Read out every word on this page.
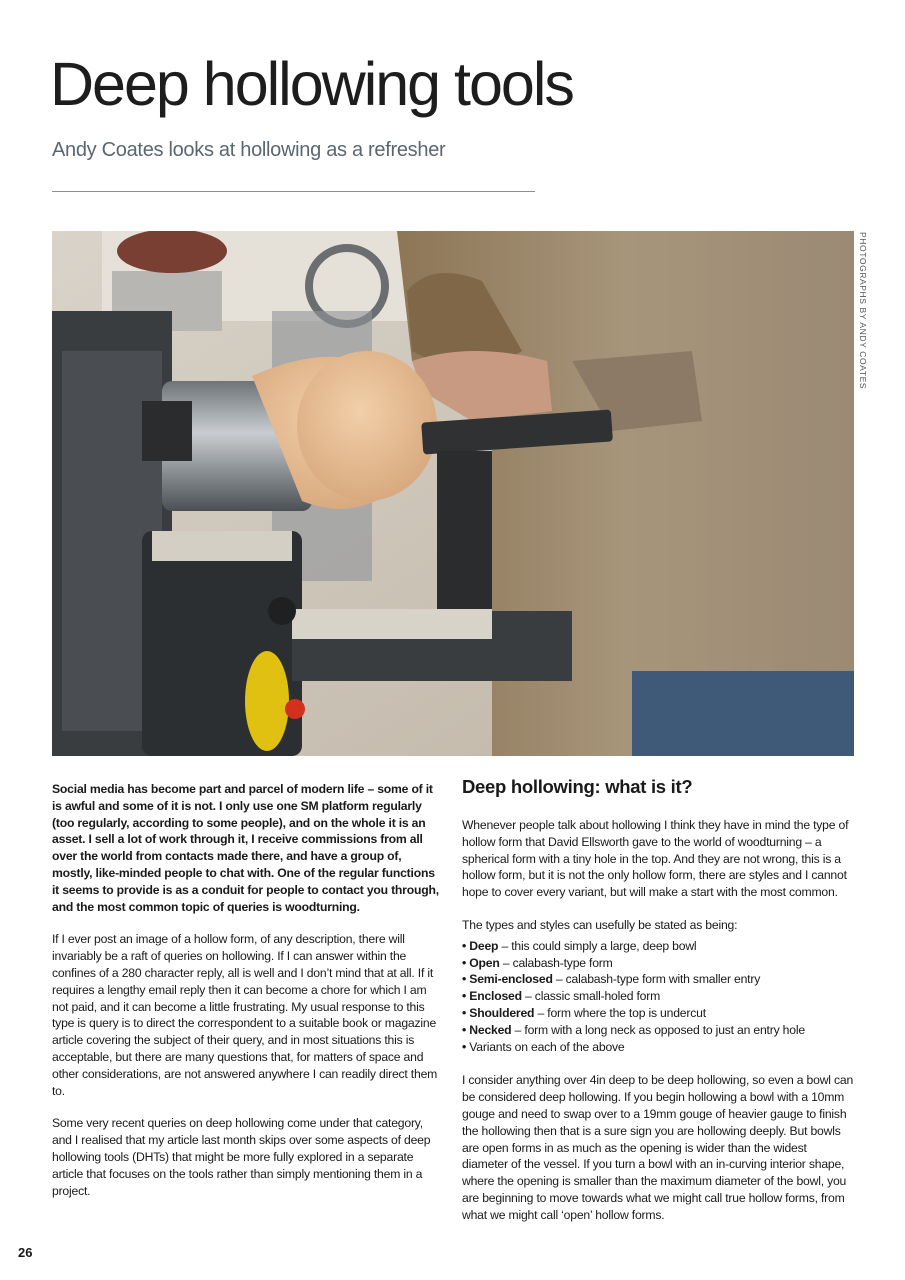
Deep hollowing tools

Andy Coates looks at hollowing as a refresher

PHOTOGRAPHS BY ANDY COATES

Social media has become part and parcel of modern life – some of it is awful and some of it is not. I only use one SM platform regularly (too regularly, according to some people), and on the whole it is an asset. I sell a lot of work through it, I receive commissions from all over the world from contacts made there, and have a group of, mostly, like-minded people to chat with. One of the regular functions it seems to provide is as a conduit for people to contact you through, and the most common topic of queries is woodturning.

If I ever post an image of a hollow form, of any description, there will invariably be a raft of queries on hollowing. If I can answer within the confines of a 280 character reply, all is well and I don’t mind that at all. If it requires a lengthy email reply then it can become a chore for which I am not paid, and it can become a little frustrating. My usual response to this type is query is to direct the correspondent to a suitable book or magazine article covering the subject of their query, and in most situations this is acceptable, but there are many questions that, for matters of space and other considerations, are not answered anywhere I can readily direct them to.

Some very recent queries on deep hollowing come under that category, and I realised that my article last month skips over some aspects of deep hollowing tools (DHTs) that might be more fully explored in a separate article that focuses on the tools rather than simply mentioning them in a project.

Deep hollowing: what is it?

Whenever people talk about hollowing I think they have in mind the type of hollow form that David Ellsworth gave to the world of woodturning – a spherical form with a tiny hole in the top. And they are not wrong, this is a hollow form, but it is not the only hollow form, there are styles and I cannot hope to cover every variant, but will make a start with the most common.

The types and styles can usefully be stated as being:

• Deep – this could simply a large, deep bowl
• Open – calabash-type form
• Semi-enclosed – calabash-type form with smaller entry
• Enclosed – classic small-holed form
• Shouldered – form where the top is undercut
• Necked – form with a long neck as opposed to just an entry hole
• Variants on each of the above

I consider anything over 4in deep to be deep hollowing, so even a bowl can be considered deep hollowing. If you begin hollowing a bowl with a 10mm gouge and need to swap over to a 19mm gouge of heavier gauge to finish the hollowing then that is a sure sign you are hollowing deeply. But bowls are open forms in as much as the opening is wider than the widest diameter of the vessel. If you turn a bowl with an in-curving interior shape, where the opening is smaller than the maximum diameter of the bowl, you are beginning to move towards what we might call true hollow forms, from what we might call ‘open’ hollow forms.

26
